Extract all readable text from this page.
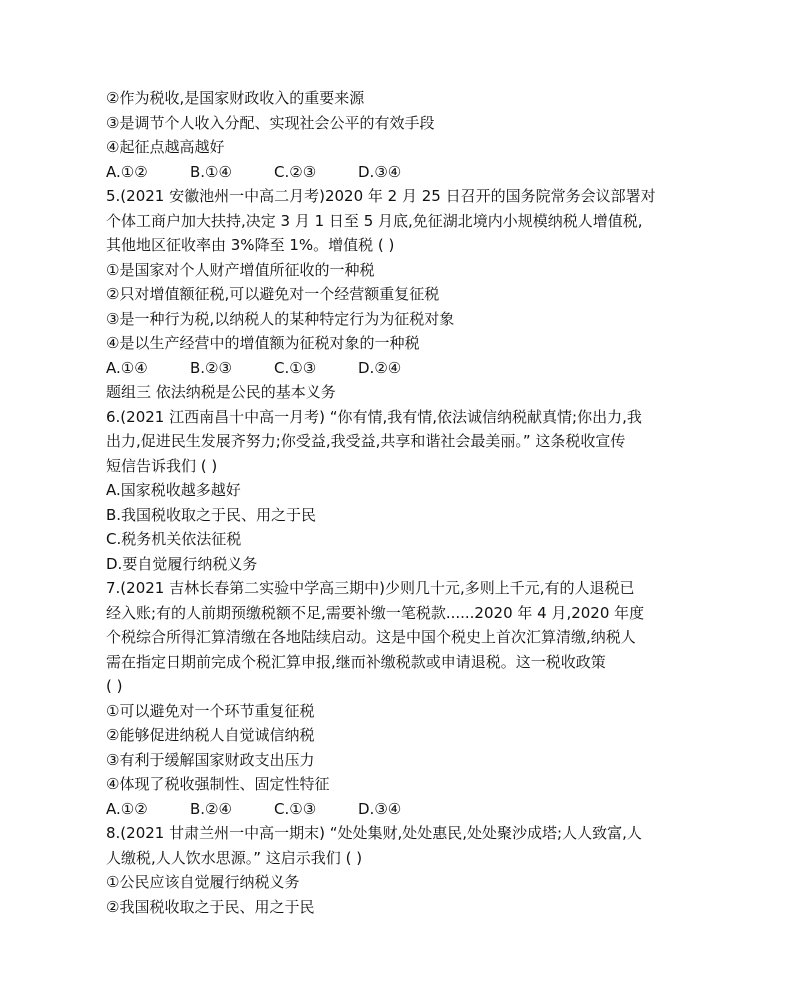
②作为税收,是国家财政收入的重要来源
③是调节个人收入分配、实现社会公平的有效手段
④起征点越高越好
A.①②	B.①④	C.②③	D.③④
5.(2021 安徽池州一中高二月考)2020 年 2 月 25 日召开的国务院常务会议部署对
个体工商户加大扶持,决定 3 月 1 日至 5 月底,免征湖北境内小规模纳税人增值税,
其他地区征收率由 3%降至 1%。增值税 ( )
①是国家对个人财产增值所征收的一种税
②只对增值额征税,可以避免对一个经营额重复征税
③是一种行为税,以纳税人的某种特定行为为征税对象
④是以生产经营中的增值额为征税对象的一种税
A.①④	B.②③	C.①③	D.②④
题组三 依法纳税是公民的基本义务
6.(2021 江西南昌十中高一月考) “你有情,我有情,依法诚信纳税献真情;你出力,我
出力,促进民生发展齐努力;你受益,我受益,共享和谐社会最美丽。” 这条税收宣传
短信告诉我们 ( )
A.国家税收越多越好
B.我国税收取之于民、用之于民
C.税务机关依法征税
D.要自觉履行纳税义务
7.(2021 吉林长春第二实验中学高三期中)少则几十元,多则上千元,有的人退税已
经入账;有的人前期预缴税额不足,需要补缴一笔税款......2020 年 4 月,2020 年度
个税综合所得汇算清缴在各地陆续启动。这是中国个税史上首次汇算清缴,纳税人
需在指定日期前完成个税汇算申报,继而补缴税款或申请退税。这一税收政策
( )
①可以避免对一个环节重复征税
②能够促进纳税人自觉诚信纳税
③有利于缓解国家财政支出压力
④体现了税收强制性、固定性特征
A.①②	B.②④	C.①③	D.③④
8.(2021 甘肃兰州一中高一期末) “处处集财,处处惠民,处处聚沙成塔;人人致富,人
人缴税,人人饮水思源。” 这启示我们 ( )
①公民应该自觉履行纳税义务
②我国税收取之于民、用之于民
